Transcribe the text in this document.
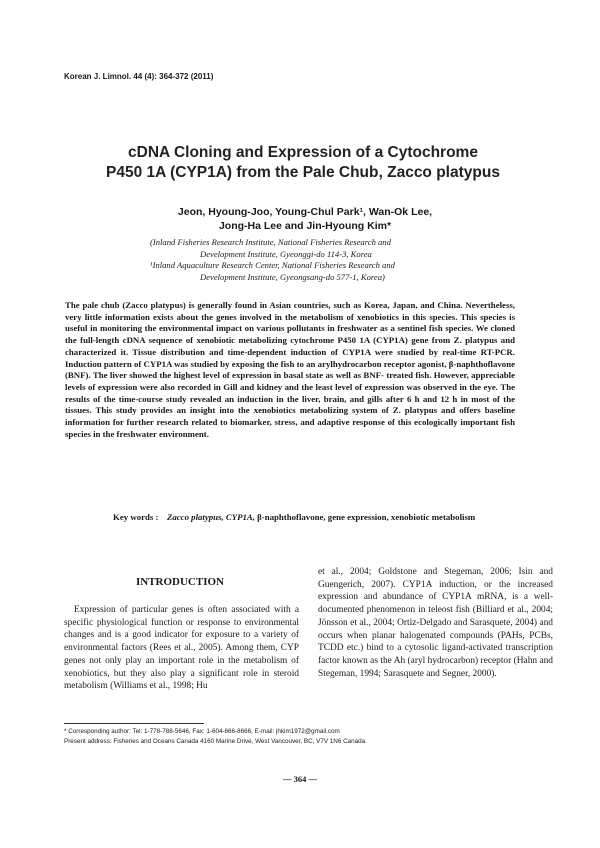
Korean J. Limnol. 44 (4): 364-372 (2011)
cDNA Cloning and Expression of a Cytochrome
P450 1A (CYP1A) from the Pale Chub, Zacco platypus
Jeon, Hyoung-Joo, Young-Chul Park¹, Wan-Ok Lee,
Jong-Ha Lee and Jin-Hyoung Kim*

(Inland Fisheries Research Institute, National Fisheries Research and

Development Institute, Gyeonggi-do 114-3, Korea

¹Inland Aquaculture Research Center, National Fisheries Research and

Development Institute, Gyeongsang-do 577-1, Korea)

The pale chub (Zacco platypus) is generally found in Asian countries, such as Korea, Japan, and China. Nevertheless, very little information exists about the genes involved in the metabolism of xenobiotics in this species. This species is useful in monitoring the environmental impact on various pollutants in freshwater as a sentinel fish species. We cloned the full-length cDNA sequence of xenobiotic metabolizing cytochrome P450 1A (CYP1A) gene from Z. platypus and characterized it. Tissue distribution and time-dependent induction of CYP1A were studied by real-time RT-PCR. Induction pattern of CYP1A was studied by exposing the fish to an arylhydrocarbon receptor agonist, β-naphthoflavone (BNF). The liver showed the highest level of expression in basal state as well as BNF- treated fish. However, appreciable levels of expression were also recorded in Gill and kidney and the least level of expression was observed in the eye. The results of the time-course study revealed an induction in the liver, brain, and gills after 6 h and 12 h in most of the tissues. This study provides an insight into the xenobiotics metabolizing system of Z. platypus and offers baseline information for further research related to biomarker, stress, and adaptive response of this ecologically important fish species in the freshwater environment.

Key words : Zacco platypus, CYP1A, β-naphthoflavone, gene expression, xenobiotic metabolism
INTRODUCTION

Expression of particular genes is often associated with a specific physiological function or response to environmental changes and is a good indicator for exposure to a variety of environmental factors (Rees et al., 2005). Among them, CYP genes not only play an important role in the metabolism of xenobiotics, but they also play a significant role in steroid metabolism (Williams et al., 1998; Hu

et al., 2004; Goldstone and Stegeman, 2006; Isin and Guengerich, 2007). CYP1A induction, or the increased expression and abundance of CYP1A mRNA, is a well-documented phenomenon in teleost fish (Billiard et al., 2004; Jönsson et al., 2004; Ortiz-Delgado and Sarasquete, 2004) and occurs when planar halogenated compounds (PAHs, PCBs, TCDD etc.) bind to a cytosolic ligand-activated transcription factor known as the Ah (aryl hydrocarbon) receptor (Hahn and Stegeman, 1994; Sarasquete and Segner, 2000).

* Corresponding author: Tel: 1-778-788-5646, Fax: 1-604-666-8666, E-mail: jhkim1972@gmail.com
Present address: Fisheries and Oceans Canada 4160 Marine Drive, West Vancouver, BC, V7V 1N6 Canada.
— 364 —
